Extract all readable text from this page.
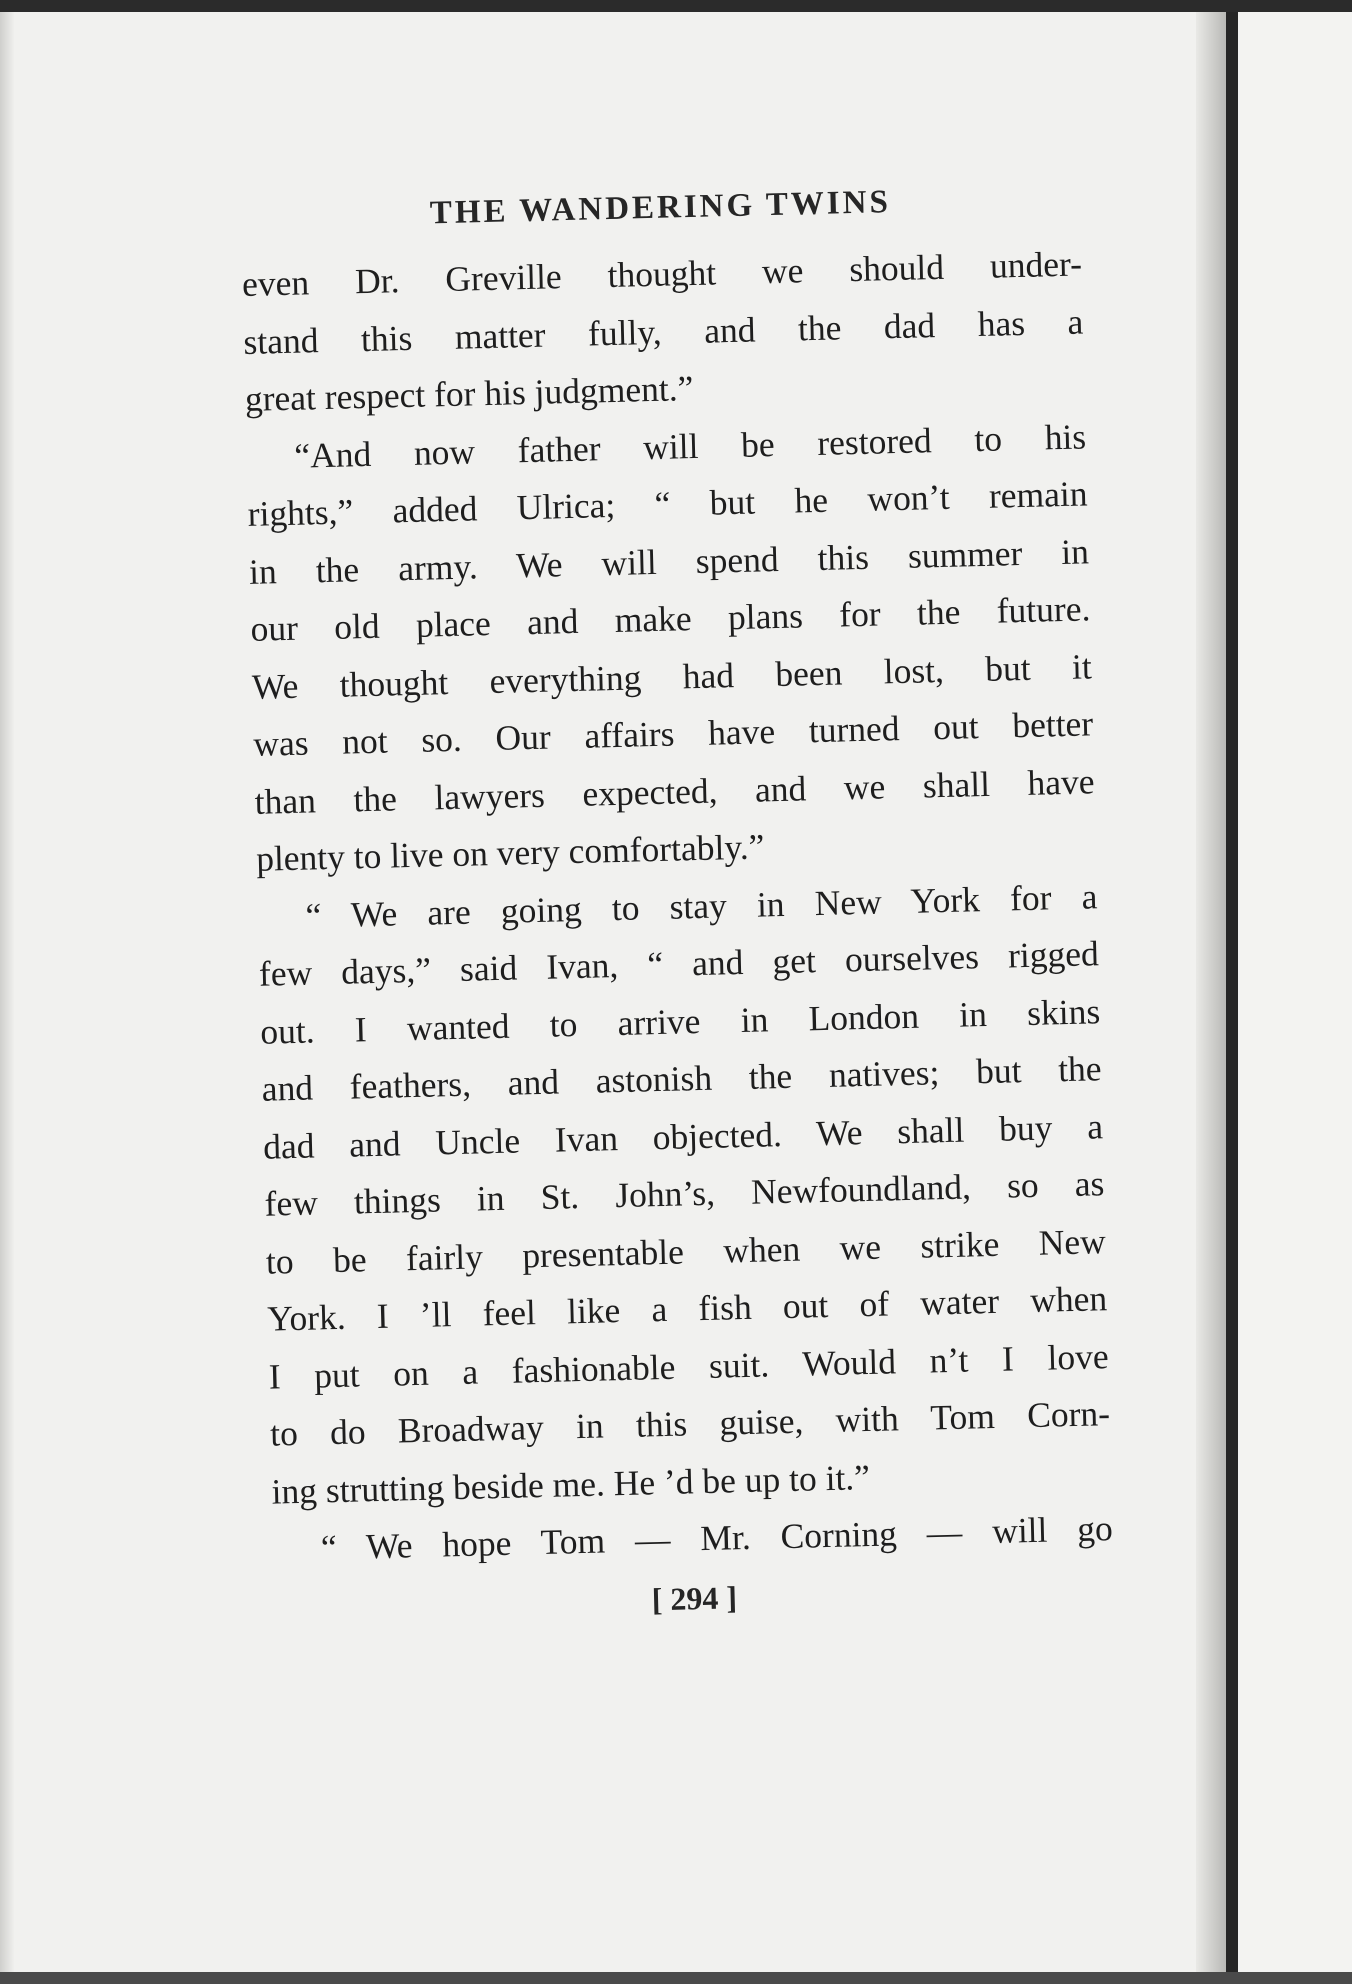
THE WANDERING TWINS
even Dr. Greville thought we should under-
stand this matter fully, and the dad has a
great respect for his judgment.”
“And now father will be restored to his
rights,” added Ulrica; “ but he won’t remain
in the army. We will spend this summer in
our old place and make plans for the future.
We thought everything had been lost, but it
was not so. Our affairs have turned out better
than the lawyers expected, and we shall have
plenty to live on very comfortably.”
“ We are going to stay in New York for a
few days,” said Ivan, “ and get ourselves rigged
out. I wanted to arrive in London in skins
and feathers, and astonish the natives; but the
dad and Uncle Ivan objected. We shall buy a
few things in St. John’s, Newfoundland, so as
to be fairly presentable when we strike New
York. I ’ll feel like a fish out of water when
I put on a fashionable suit. Would n’t I love
to do Broadway in this guise, with Tom Corn-
ing strutting beside me. He ’d be up to it.”
“ We hope Tom — Mr. Corning — will go
[ 294 ]
